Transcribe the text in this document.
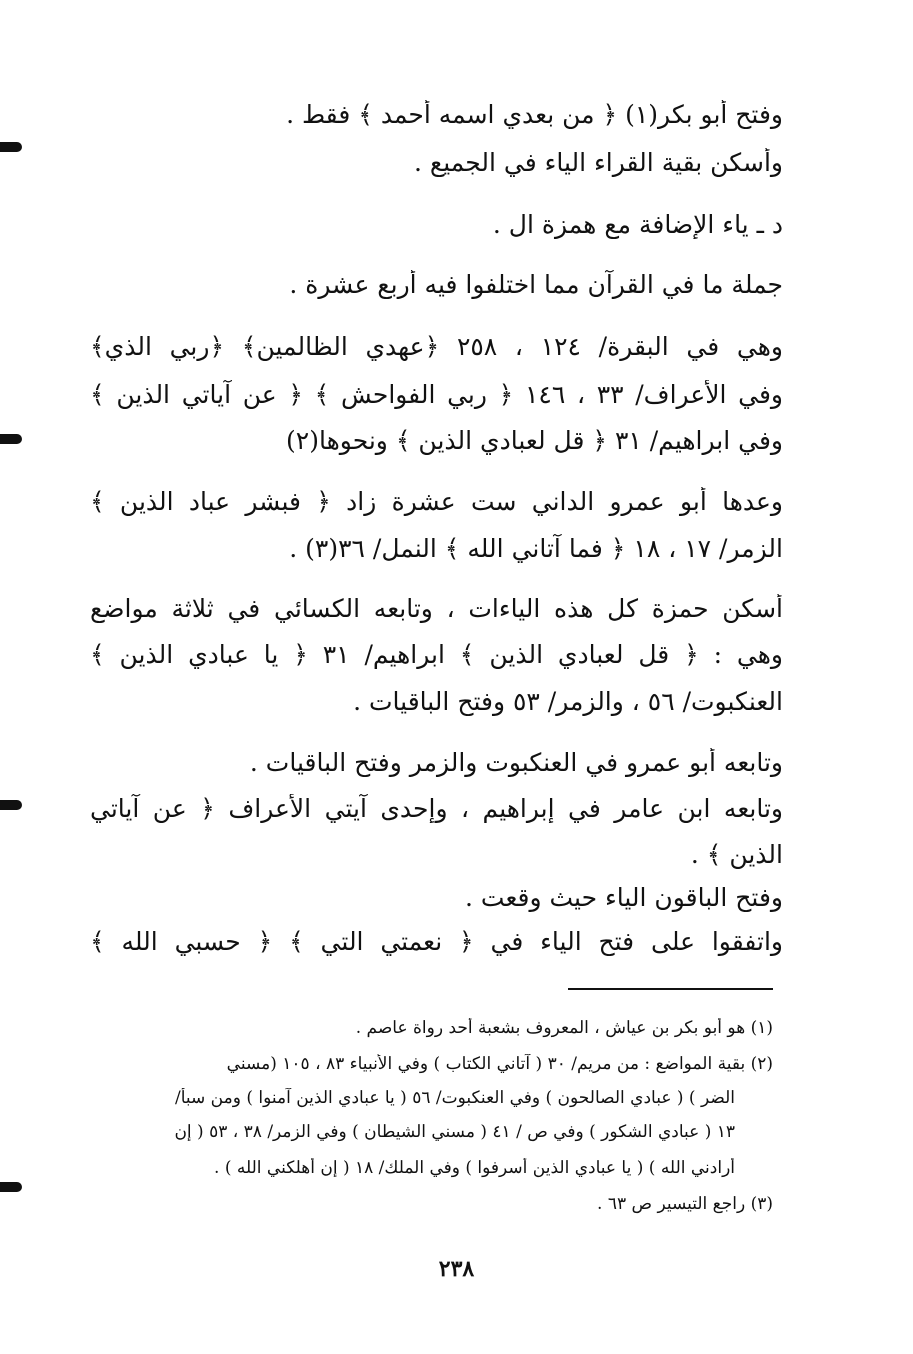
وفتح أبو بكر(١) ﴿ من بعدي اسمه أحمد ﴾ فقط .
وأسكن بقية القراء الياء في الجميع .
د ـ ياء الإضافة مع همزة ال .
جملة ما في القرآن مما اختلفوا فيه أربع عشرة .
وهي في البقرة/ ١٢٤ ، ٢٥٨ ﴿عهدي الظالمين﴾ ﴿ربي الذي﴾
وفي الأعراف/ ٣٣ ، ١٤٦ ﴿ ربي الفواحش ﴾ ﴿ عن آياتي الذين ﴾
وفي ابراهيم/ ٣١ ﴿ قل لعبادي الذين ﴾ ونحوها(٢)
وعدها أبو عمرو الداني ست عشرة زاد ﴿ فبشر عباد الذين ﴾
الزمر/ ١٧ ، ١٨ ﴿ فما آتاني الله ﴾ النمل/ ٣٦(٣) .
أسكن حمزة كل هذه الياءات ، وتابعه الكسائي في ثلاثة مواضع
وهي : ﴿ قل لعبادي الذين ﴾ ابراهيم/ ٣١ ﴿ يا عبادي الذين ﴾
العنكبوت/ ٥٦ ، والزمر/ ٥٣ وفتح الباقيات .
وتابعه أبو عمرو في العنكبوت والزمر وفتح الباقيات .
وتابعه ابن عامر في إبراهيم ، وإحدى آيتي الأعراف ﴿ عن آياتي
الذين ﴾ .
وفتح الباقون الياء حيث وقعت .
واتفقوا على فتح الياء في ﴿ نعمتي التي ﴾ ﴿ حسبي الله ﴾
(١) هو أبو بكر بن عياش ، المعروف بشعبة أحد رواة عاصم .
(٢) بقية المواضع : من مريم/ ٣٠ ( آتاني الكتاب ) وفي الأنبياء ٨٣ ، ١٠٥ (مسني
الضر ) ( عبادي الصالحون ) وفي العنكبوت/ ٥٦ ( يا عبادي الذين آمنوا ) ومن سبأ/
١٣ ( عبادي الشكور ) وفي ص / ٤١ ( مسني الشيطان ) وفي الزمر/ ٣٨ ، ٥٣ ( إن
أرادني الله ) ( يا عبادي الذين أسرفوا ) وفي الملك/ ١٨ ( إن أهلكني الله ) .
(٣) راجع التيسير ص ٦٣ .
٢٣٨
